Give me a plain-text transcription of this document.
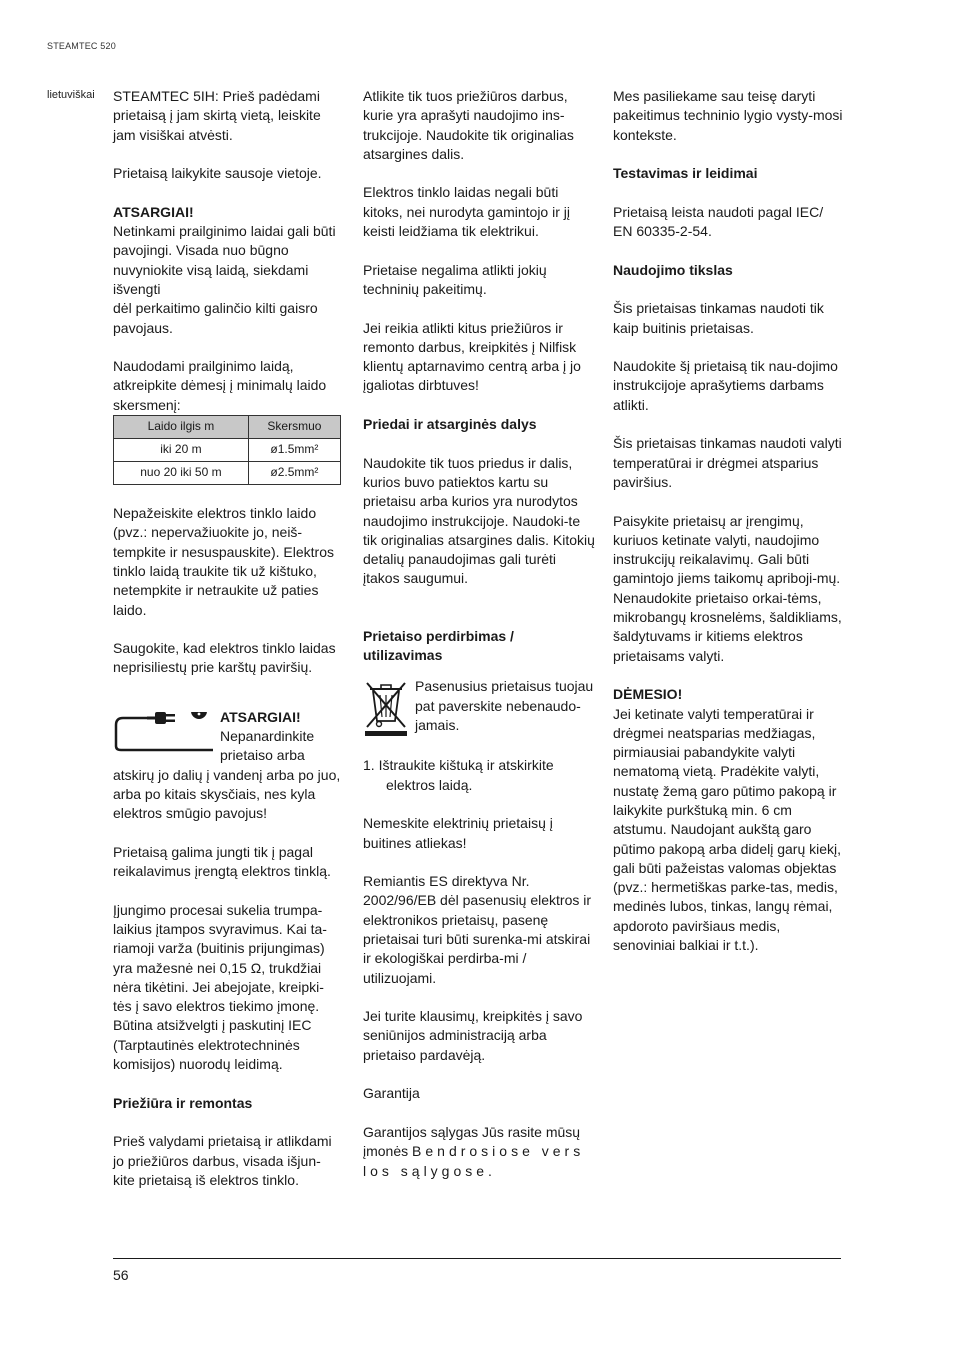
STEAMTEC 520
lietuviškai STEAMTEC 5IH: Prieš padėdami prietaisą į jam skirtą vietą, leiskite jam visiškai atvėsti.

Prietaisą laikykite sausoje vietoje.

ATSARGIAI!

Netinkami prailginimo laidai gali būti pavojingi. Visada nuo būgno nuvyniokite visą laidą, siekdami išvengti

dėl perkaitimo galinčio kilti gaisro pavojaus.

Naudodami prailginimo laidą, atkreipkite dėmesį į minimalų laido skersmenį:

Laido ilgis m	Skersmuo
iki 20 m	ø1.5mm²
nuo 20 iki 50 m	ø2.5mm²

Nepažeiskite elektros tinklo laido (pvz.: nepervažiuokite jo, neiš-tempkite ir nesuspauskite). Elektros tinklo laidą traukite tik už kištuko, netempkite ir netraukite už paties laido.

Saugokite, kad elektros tinklo laidas neprisiliestų prie karštų paviršių.

ATSARGIAI!
Nepanardinkite
prietaiso arba

atskirų jo dalių į vandenį arba po juo, arba po kitais skysčiais, nes kyla elektros smūgio pavojus!

Prietaisą galima jungti tik į pagal reikalavimus įrengtą elektros tinklą.

Įjungimo procesai sukelia trumpa-laikius įtampos svyravimus. Kai ta-riamoji varža (buitinis prijungimas) yra mažesnė nei 0,15 Ω, trukdžiai nėra tikėtini. Jei abejojate, kreipki-tės į savo elektros tiekimo įmonę. Būtina atsižvelgti į paskutinį IEC (Tarptautinės elektrotechninės komisijos) nuorodų leidimą.

Priežiūra ir remontas

Prieš valydami prietaisą ir atlikdami jo priežiūros darbus, visada išjun-kite prietaisą iš elektros tinklo.

Atlikite tik tuos priežiūros darbus, kurie yra aprašyti naudojimo ins-trukcijoje. Naudokite tik originalias atsargines dalis.

Elektros tinklo laidas negali būti kitoks, nei nurodyta gamintojo ir jį keisti leidžiama tik elektrikui.

Prietaise negalima atlikti jokių techninių pakeitimų.

Jei reikia atlikti kitus priežiūros ir remonto darbus, kreipkitės į Nilfisk klientų aptarnavimo centrą arba į jo įgaliotas dirbtuves!

Priedai ir atsarginės dalys

Naudokite tik tuos priedus ir dalis, kurios buvo patiektos kartu su prietaisu arba kurios yra nurodytos naudojimo instrukcijoje. Naudoki-te tik originalias atsargines dalis. Kitokių detalių panaudojimas gali turėti įtakos saugumui.

Prietaiso perdirbimas / utilizavimas

Pasenusius prietaisus tuojau pat paverskite nebenaudo-jamais.

1. Ištraukite kištuką ir atskirkite elektros laidą.

Nemeskite elektrinių prietaisų į buitines atliekas!

Remiantis ES direktyva Nr. 2002/96/EB dėl pasenusių elektros ir elektronikos prietaisų, pasenę prietaisai turi būti surenka-mi atskirai ir ekologiškai perdirba-mi / utilizuojami.

Jei turite klausimų, kreipkitės į savo seniūnijos administraciją arba prietaiso pardavėją.

Garantija

Garantijos sąlygas Jūs rasite mūsų įmonės Bendrosiose vers los sąlygose.

Mes pasiliekame sau teisę daryti pakeitimus techninio lygio vysty-mosi kontekste.

Testavimas ir leidimai

Prietaisą leista naudoti pagal IEC/ EN 60335-2-54.

Naudojimo tikslas

Šis prietaisas tinkamas naudoti tik kaip buitinis prietaisas.

Naudokite šį prietaisą tik nau-dojimo instrukcijoje aprašytiems darbams atlikti.

Šis prietaisas tinkamas naudoti valyti temperatūrai ir drėgmei atsparius paviršius.

Paisykite prietaisų ar įrengimų, kuriuos ketinate valyti, naudojimo instrukcijų reikalavimų. Gali būti gamintojo jiems taikomų apriboji-mų. Nenaudokite prietaiso orkai-tėms, mikrobangų krosnelėms, šaldikliams, šaldytuvams ir kitiems elektros prietaisams valyti.

DĖMESIO!

Jei ketinate valyti temperatūrai ir drėgmei neatsparias medžiagas, pirmiausiai pabandykite valyti nematomą vietą. Pradėkite valyti, nustatę žemą garo pūtimo pakopą ir laikykite purkštuką min. 6 cm atstumu. Naudojant aukštą garo pūtimo pakopą arba didelį garų kiekį, gali būti pažeistas valomas objektas (pvz.: hermetiškas parke-tas, medis, medinės lubos, tinkas, langų rėmai, apdoroto paviršiaus medis, senoviniai balkiai ir t.t.).

56
